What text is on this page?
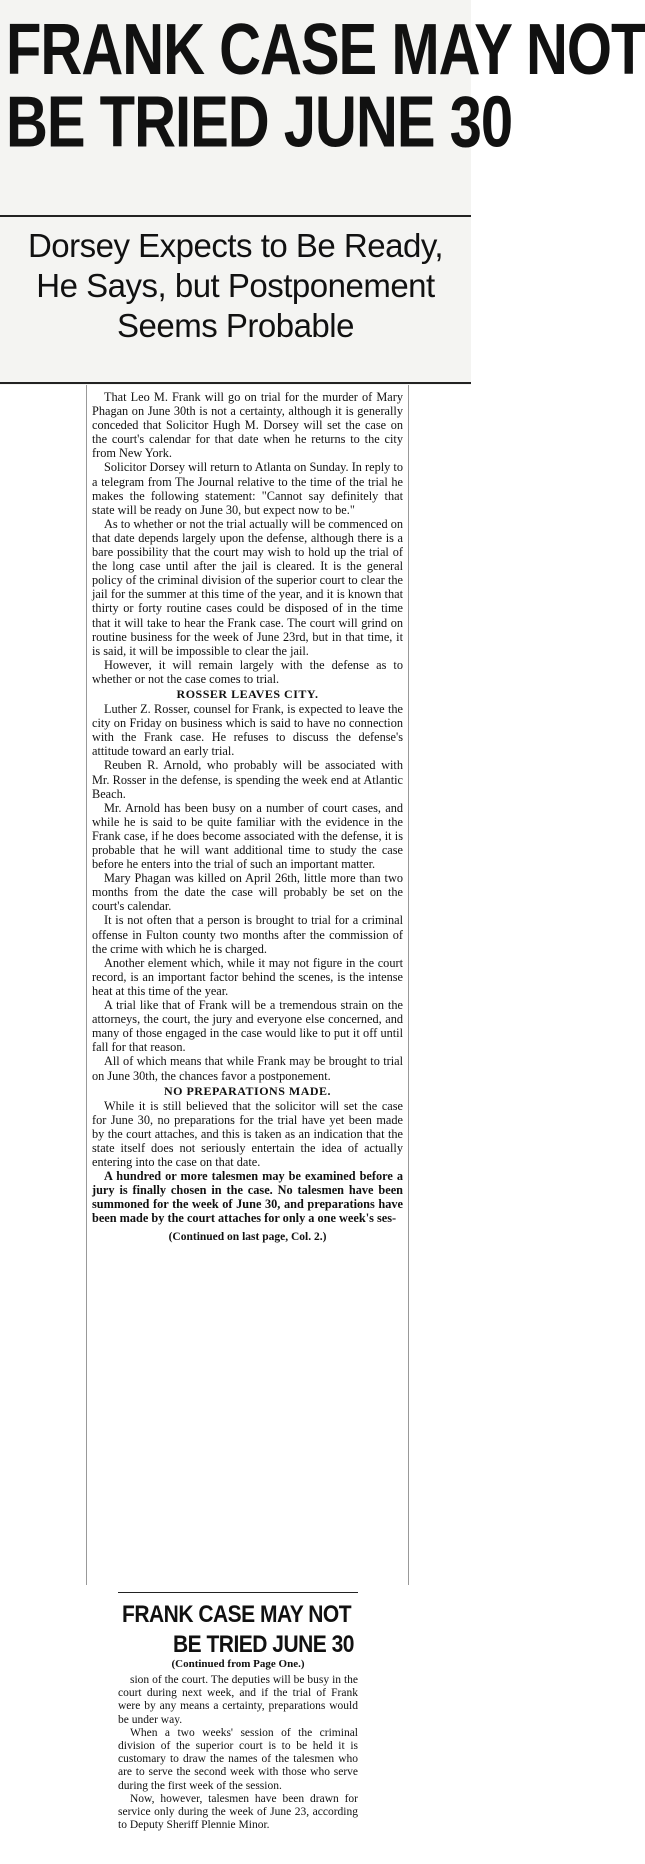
FRANK CASE MAY NOT
BE TRIED JUNE 30
Dorsey Expects to Be Ready,
He Says, but Postponement
Seems Probable

That Leo M. Frank will go on trial for the murder of Mary Phagan on June 30th is not a certainty, although it is generally conceded that Solicitor Hugh M. Dorsey will set the case on the court's calendar for that date when he returns to the city from New York.

Solicitor Dorsey will return to Atlanta on Sunday. In reply to a telegram from The Journal relative to the time of the trial he makes the following statement: "Cannot say definitely that state will be ready on June 30, but expect now to be."

As to whether or not the trial actually will be commenced on that date depends largely upon the defense, although there is a bare possibility that the court may wish to hold up the trial of the long case until after the jail is cleared. It is the general policy of the criminal division of the superior court to clear the jail for the summer at this time of the year, and it is known that thirty or forty routine cases could be disposed of in the time that it will take to hear the Frank case. The court will grind on routine business for the week of June 23rd, but in that time, it is said, it will be impossible to clear the jail.

However, it will remain largely with the defense as to whether or not the case comes to trial.

ROSSER LEAVES CITY.

Luther Z. Rosser, counsel for Frank, is expected to leave the city on Friday on business which is said to have no connection with the Frank case. He refuses to discuss the defense's attitude toward an early trial.

Reuben R. Arnold, who probably will be associated with Mr. Rosser in the defense, is spending the week end at Atlantic Beach.

Mr. Arnold has been busy on a number of court cases, and while he is said to be quite familiar with the evidence in the Frank case, if he does become associated with the defense, it is probable that he will want additional time to study the case before he enters into the trial of such an important matter.

Mary Phagan was killed on April 26th, little more than two months from the date the case will probably be set on the court's calendar.

It is not often that a person is brought to trial for a criminal offense in Fulton county two months after the commission of the crime with which he is charged.

Another element which, while it may not figure in the court record, is an important factor behind the scenes, is the intense heat at this time of the year.

A trial like that of Frank will be a tremendous strain on the attorneys, the court, the jury and everyone else concerned, and many of those engaged in the case would like to put it off until fall for that reason.

All of which means that while Frank may be brought to trial on June 30th, the chances favor a postponement.

NO PREPARATIONS MADE.

While it is still believed that the solicitor will set the case for June 30, no preparations for the trial have yet been made by the court attaches, and this is taken as an indication that the state itself does not seriously entertain the idea of actually entering into the case on that date.

A hundred or more talesmen may be examined before a jury is finally chosen in the case. No talesmen have been summoned for the week of June 30, and preparations have been made by the court attaches for only a one week's ses-

(Continued on last page, Col. 2.)
FRANK CASE MAY NOT
BE TRIED JUNE 30
(Continued from Page One.)

sion of the court. The deputies will be busy in the court during next week, and if the trial of Frank were by any means a certainty, preparations would be under way.

When a two weeks' session of the criminal division of the superior court is to be held it is customary to draw the names of the talesmen who are to serve the second week with those who serve during the first week of the session.

Now, however, talesmen have been drawn for service only during the week of June 23, according to Deputy Sheriff Plennie Minor.
